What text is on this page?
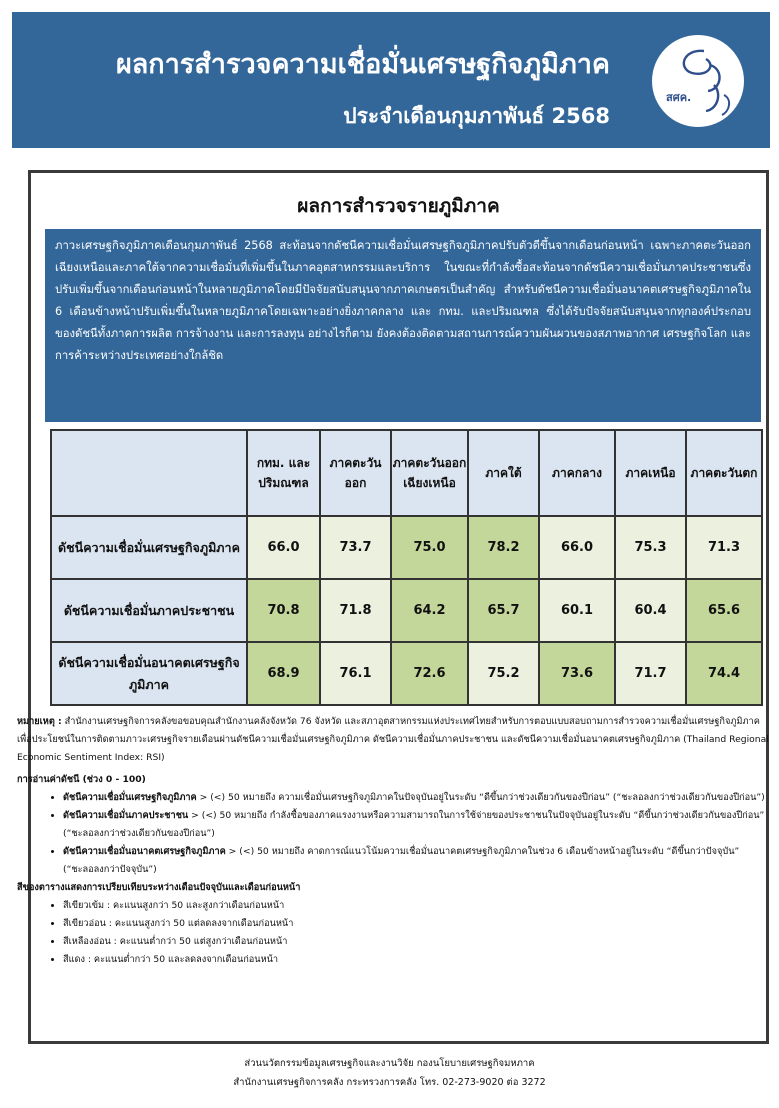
ผลการสำรวจความเชื่อมั่นเศรษฐกิจภูมิภาค
ประจำเดือนกุมภาพันธ์ 2568
สศค.
ผลการสำรวจรายภูมิภาค
ภาวะเศรษฐกิจภูมิภาคเดือนกุมภาพันธ์ 2568 สะท้อนจากดัชนีความเชื่อมั่นเศรษฐกิจภูมิภาคปรับตัวดีขึ้นจากเดือนก่อนหน้า เฉพาะภาคตะวันออกเฉียงเหนือและภาคใต้จากความเชื่อมั่นที่เพิ่มขึ้นในภาคอุตสาหกรรมและบริการ ในขณะที่กำลังซื้อสะท้อนจากดัชนีความเชื่อมั่นภาคประชาชนซึ่งปรับเพิ่มขึ้นจากเดือนก่อนหน้าในหลายภูมิภาคโดยมีปัจจัยสนับสนุนจากภาคเกษตรเป็นสำคัญ สำหรับดัชนีความเชื่อมั่นอนาคตเศรษฐกิจภูมิภาคใน 6 เดือนข้างหน้าปรับเพิ่มขึ้นในหลายภูมิภาคโดยเฉพาะอย่างยิ่งภาคกลาง และ กทม. และปริมณฑล ซึ่งได้รับปัจจัยสนับสนุนจากทุกองค์ประกอบของดัชนีทั้งภาคการผลิต การจ้างงาน และการลงทุน อย่างไรก็ตาม ยังคงต้องติดตามสถานการณ์ความผันผวนของสภาพอากาศ เศรษฐกิจโลก และการค้าระหว่างประเทศอย่างใกล้ชิด
	กทม. และปริมณฑล	ภาคตะวันออก	ภาคตะวันออกเฉียงเหนือ	ภาคใต้	ภาคกลาง	ภาคเหนือ	ภาคตะวันตก
ดัชนีความเชื่อมั่นเศรษฐกิจภูมิภาค	66.0	73.7	75.0	78.2	66.0	75.3	71.3
ดัชนีความเชื่อมั่นภาคประชาชน	70.8	71.8	64.2	65.7	60.1	60.4	65.6
ดัชนีความเชื่อมั่นอนาคตเศรษฐกิจภูมิภาค	68.9	76.1	72.6	75.2	73.6	71.7	74.4
หมายเหตุ : สำนักงานเศรษฐกิจการคลังขอขอบคุณสำนักงานคลังจังหวัด 76 จังหวัด และสภาอุตสาหกรรมแห่งประเทศไทยสำหรับการตอบแบบสอบถามการสำรวจความเชื่อมั่นเศรษฐกิจภูมิภาค เพื่อประโยชน์ในการติดตามภาวะเศรษฐกิจรายเดือนผ่านดัชนีความเชื่อมั่นเศรษฐกิจภูมิภาค ดัชนีความเชื่อมั่นภาคประชาชน และดัชนีความเชื่อมั่นอนาคตเศรษฐกิจภูมิภาค (Thailand Regional Economic Sentiment Index: RSI)
การอ่านค่าดัชนี (ช่วง 0 - 100)
• ดัชนีความเชื่อมั่นเศรษฐกิจภูมิภาค > (<) 50 หมายถึง ความเชื่อมั่นเศรษฐกิจภูมิภาคในปัจจุบันอยู่ในระดับ “ดีขึ้นกว่าช่วงเดียวกันของปีก่อน” (“ชะลอลงกว่าช่วงเดียวกันของปีก่อน”)
• ดัชนีความเชื่อมั่นภาคประชาชน > (<) 50 หมายถึง กำลังซื้อของภาคแรงงานหรือความสามารถในการใช้จ่ายของประชาชนในปัจจุบันอยู่ในระดับ “ดีขึ้นกว่าช่วงเดียวกันของปีก่อน” (“ชะลอลงกว่าช่วงเดียวกันของปีก่อน”)
• ดัชนีความเชื่อมั่นอนาคตเศรษฐกิจภูมิภาค > (<) 50 หมายถึง คาดการณ์แนวโน้มความเชื่อมั่นอนาคตเศรษฐกิจภูมิภาคในช่วง 6 เดือนข้างหน้าอยู่ในระดับ “ดีขึ้นกว่าปัจจุบัน” (“ชะลอลงกว่าปัจจุบัน”)
สีของตารางแสดงการเปรียบเทียบระหว่างเดือนปัจจุบันและเดือนก่อนหน้า
• สีเขียวเข้ม : คะแนนสูงกว่า 50 และสูงกว่าเดือนก่อนหน้า
• สีเขียวอ่อน : คะแนนสูงกว่า 50 แต่ลดลงจากเดือนก่อนหน้า
• สีเหลืองอ่อน : คะแนนต่ำกว่า 50 แต่สูงกว่าเดือนก่อนหน้า
• สีแดง : คะแนนต่ำกว่า 50 และลดลงจากเดือนก่อนหน้า
ส่วนนวัตกรรมข้อมูลเศรษฐกิจและงานวิจัย กองนโยบายเศรษฐกิจมหภาค
สำนักงานเศรษฐกิจการคลัง กระทรวงการคลัง โทร. 02-273-9020 ต่อ 3272
